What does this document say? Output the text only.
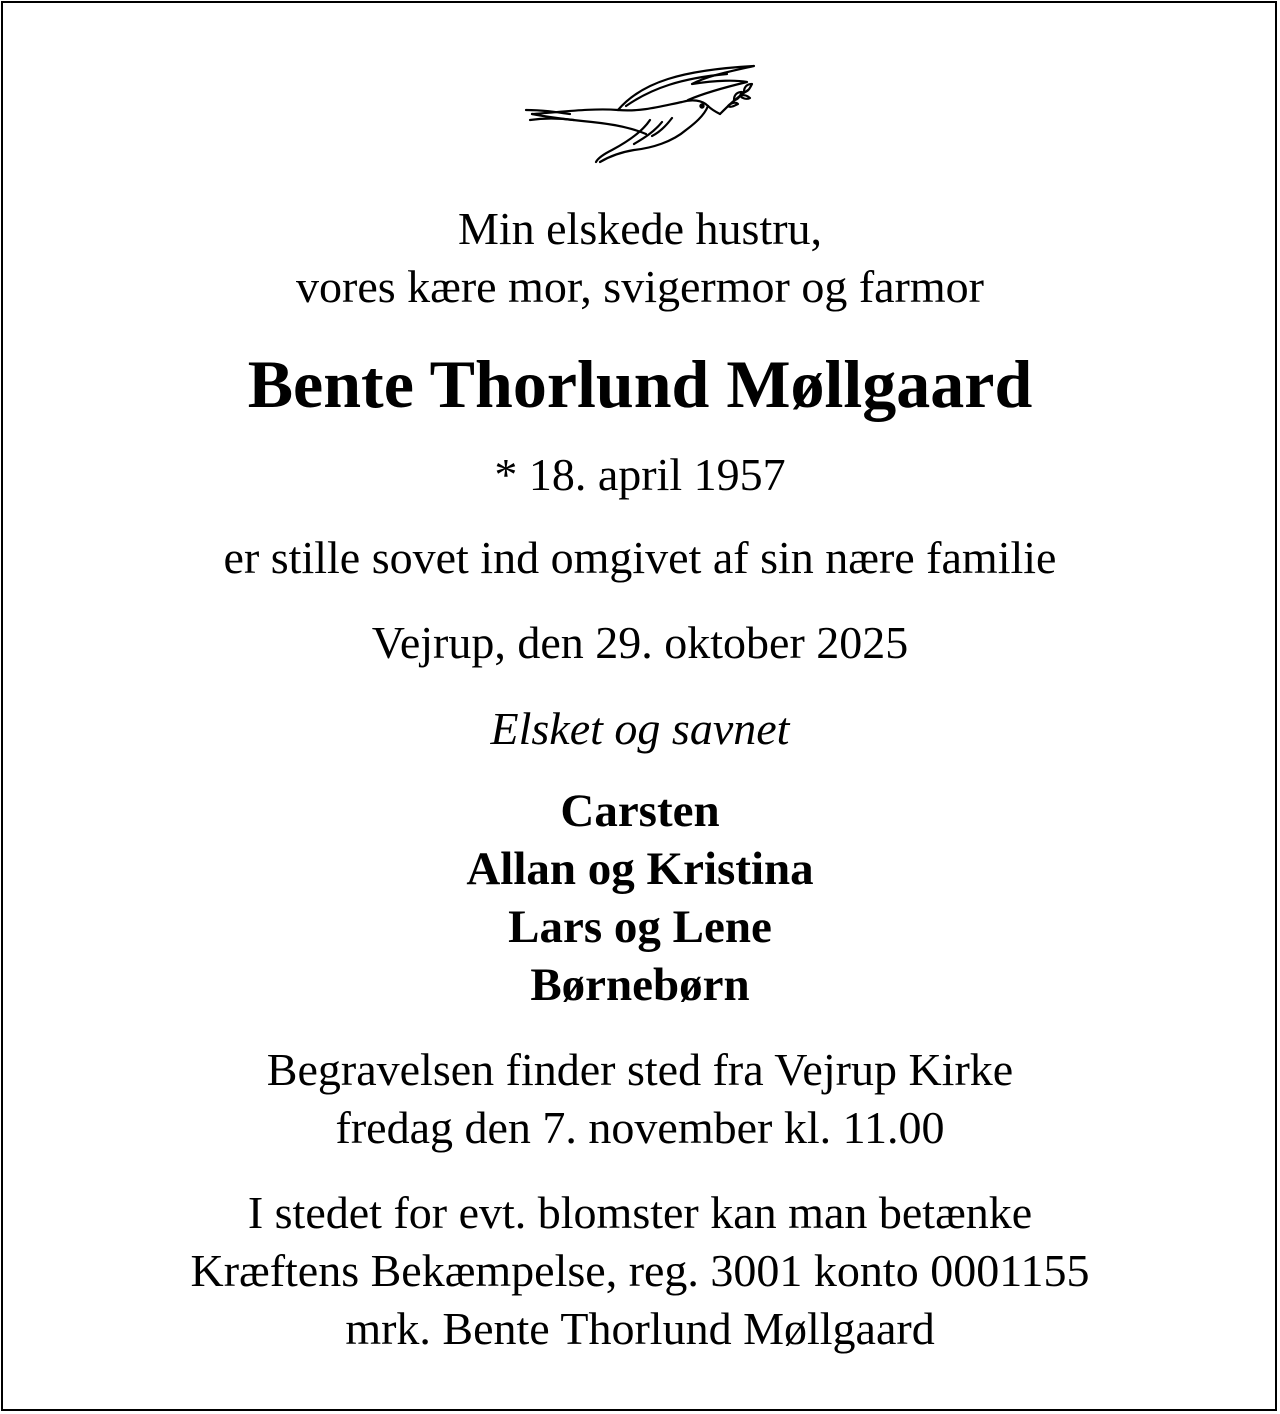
Min elskede hustru,
vores kære mor, svigermor og farmor
Bente Thorlund Møllgaard
* 18. april 1957
er stille sovet ind omgivet af sin nære familie
Vejrup, den 29. oktober 2025
Elsket og savnet
Carsten
Allan og Kristina
Lars og Lene
Børnebørn
Begravelsen finder sted fra Vejrup Kirke
fredag den 7. november kl. 11.00
I stedet for evt. blomster kan man betænke
Kræftens Bekæmpelse, reg. 3001 konto 0001155
mrk. Bente Thorlund Møllgaard
